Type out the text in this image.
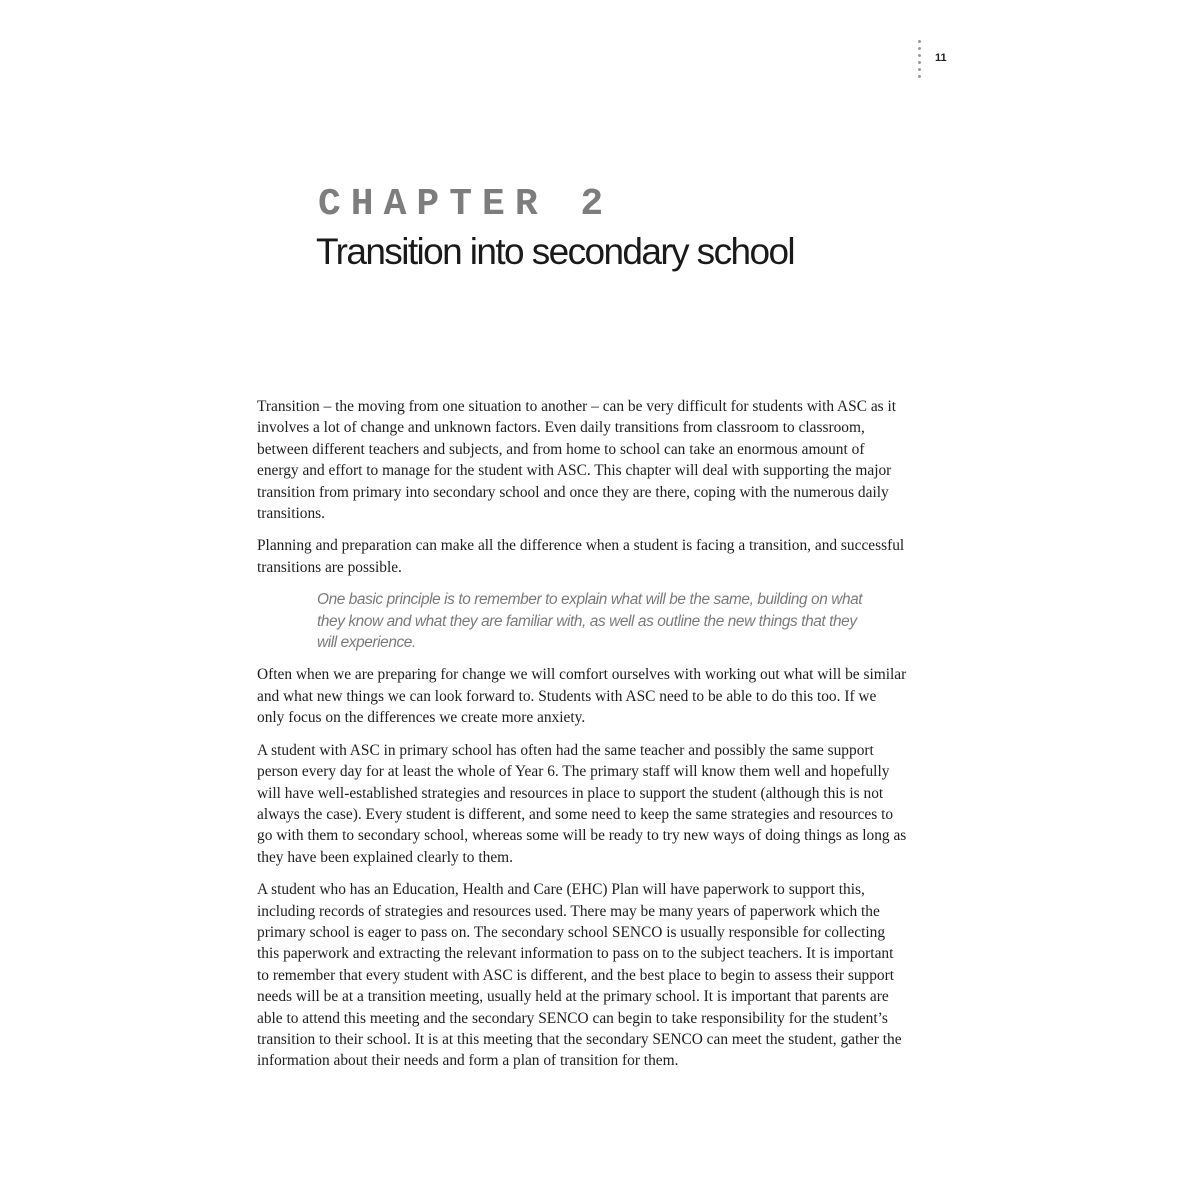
11
CHAPTER 2
Transition into secondary school

Transition – the moving from one situation to another – can be very difficult for students with ASC as it involves a lot of change and unknown factors. Even daily transitions from classroom to classroom, between different teachers and subjects, and from home to school can take an enormous amount of energy and effort to manage for the student with ASC. This chapter will deal with supporting the major transition from primary into secondary school and once they are there, coping with the numerous daily transitions.

Planning and preparation can make all the difference when a student is facing a transition, and successful transitions are possible.

One basic principle is to remember to explain what will be the same, building on what they know and what they are familiar with, as well as outline the new things that they will experience.

Often when we are preparing for change we will comfort ourselves with working out what will be similar and what new things we can look forward to. Students with ASC need to be able to do this too. If we only focus on the differences we create more anxiety.

A student with ASC in primary school has often had the same teacher and possibly the same support person every day for at least the whole of Year 6. The primary staff will know them well and hopefully will have well-established strategies and resources in place to support the student (although this is not always the case). Every student is different, and some need to keep the same strategies and resources to go with them to secondary school, whereas some will be ready to try new ways of doing things as long as they have been explained clearly to them.

A student who has an Education, Health and Care (EHC) Plan will have paperwork to support this, including records of strategies and resources used. There may be many years of paperwork which the primary school is eager to pass on. The secondary school SENCO is usually responsible for collecting this paperwork and extracting the relevant information to pass on to the subject teachers. It is important to remember that every student with ASC is different, and the best place to begin to assess their support needs will be at a transition meeting, usually held at the primary school. It is important that parents are able to attend this meeting and the secondary SENCO can begin to take responsibility for the student’s transition to their school. It is at this meeting that the secondary SENCO can meet the student, gather the information about their needs and form a plan of transition for them.
